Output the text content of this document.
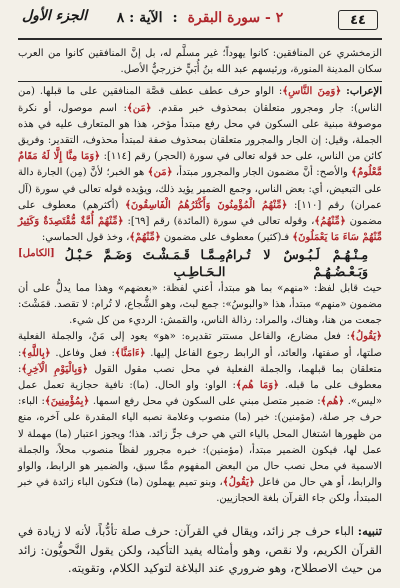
٤٤
٢ - سورة البقرة:الآية : ٨
الجزء الأول

الزمخشري عن المنافقين: كانوا يهوداً؛ غير مسلَّم له، بل إنَّ المنافقين كانوا من العرب سكان المدينة المنورة، ورئيسهم عبد الله بنُ أُبَيٍّ خزرجيٌّ الأصل.

الإعراب: ﴿وَمِنَ النَّاسِ﴾: الواو حرف عطف عطف قصَّة المنافقين على ما قبلها. (من الناس): جار ومجرور متعلقان بمحذوف خبر مقدم. ﴿مَن﴾: اسم موصول، أو نكرة موصوفة مبنية على السكون في محل رفع مبتدأ مؤخر، هذا هو المتعارف عليه في هذه الجملة، وقيل: إن الجار والمجرور متعلقان بمحذوف صفة لمبتدأ محذوف، التقدير: وفريق كائن من الناس، على حد قوله تعالى في سورة (الحجر) رقم [١١٤]: ﴿وَمَا مِنَّا إِلَّا لَهُ مَقَامٌ مَّعْلُومٌ﴾ والأصح: أنَّ مضمون الجار والمجرور مبتدأ، ﴿مَن﴾ هو الخبر؛ لأنَّ (مِن) الجارة دالة على التبعيض، أي: بعض الناس، وجمع الضمير يؤيد ذلك، ويؤيده قوله تعالى في سورة (آل عمران) رقم [١١٠]: ﴿مِّنْهُمُ الْمُؤْمِنُونَ وَأَكْثَرُهُمُ الْفَاسِقُونَ﴾ (أكثرهم) معطوف على مضمون ﴿مِّنْهُمُ﴾، وقوله تعالى في سورة (المائدة) رقم [٦٩]: ﴿مِّنْهُمْ أُمَّةٌ مُّقْتَصِدَةٌ وَكَثِيرٌ مِّنْهُمْ سَاءَ مَا يَعْمَلُونَ﴾ فـ(كثير) معطوف على مضمون ﴿مِّنْهُمْ﴾، وخذ قول الحماسي:
[الكامل]	مِـنْـهُـمْ لَـبُـوسٌ لا تُـرامُ وَبَـعْـضُـهُـمْ
مِـمَّـا قَـمَـشْـتَ وَضَـمَّ حَـبْـلُ الـحَـاطِـبِ

حيث قابل لفظ: «منهم» بما هو مبتدأ، أعني لفظة: «بعضهم» وهذا مما يدلُّ على أن مضمون «منهم» مبتدأ، هذا «والبوسُ»: جمع لبث، وهو الشُّجاع، لا تُرام: لا تقصد. قمَشْتَ: جمعت من هنا، وهناك، والمراد: رذالة الناس، والقمش: الرديء من كل شيء.

﴿يَقُولُ﴾: فعل مضارع، والفاعل مستتر تقديره: «هو» يعود إلى مَنْ، والجملة الفعلية صلتها، أو صفتها، والعائد، أو الرابط رجوع الفاعل إليها. ﴿ءَامَنَّا﴾: فعل وفاعل. ﴿بِاللَّهِ﴾: متعلقان بما قبلهما، والجملة الفعلية في محل نصب مقول القول ﴿وَبِالْيَوْمِ الْآخِرِ﴾: معطوف على ما قبله. ﴿وَمَا هُم﴾: الواو: واو الحال. (ما): نافية حجازية تعمل عمل «ليس». ﴿هُم﴾: ضمير متصل مبني على السكون في محل رفع اسمها. ﴿بِمُؤْمِنِينَ﴾: الباء: حرف جر صلة، (مؤمنين): خبر (ما) منصوب وعلامة نصبه الياء المقدرة على آخره، منع من ظهورها اشتغال المحل بالياء التي هي حرف جرٍّ زائد. هذا؛ ويجوز اعتبار (ما) مهملة لا عمل لها، فيكون الضمير مبتدأ، (مؤمنين): خبره مجرور لفظاً منصوب محلاً، والجملة الاسمية في محل نصب حال من البعض المفهوم ممَّا سبق، والضمير هو الرابط، والواو والرابط، أو هي حال من فاعل ﴿يَقُولُ﴾، وبنو تميم يهملون (ما) فتكون الباء زائدة في خبر المبتدأ، ولكن جاء القرآن بلغة الحجازيين.

تنبيه: الباء حرف جر زائد، ويقال في القرآن: حرف صلة تأدُّباً، لأنه لا زيادة في القرآن الكريم، ولا نقص، وهو وأمثاله يفيد التأكيد، ولكن يقول النَّحويُّون: زائد من حيث الاصطلاح، وهو ضروري عند البلاغة لتوكيد الكلام، وتقويته.
